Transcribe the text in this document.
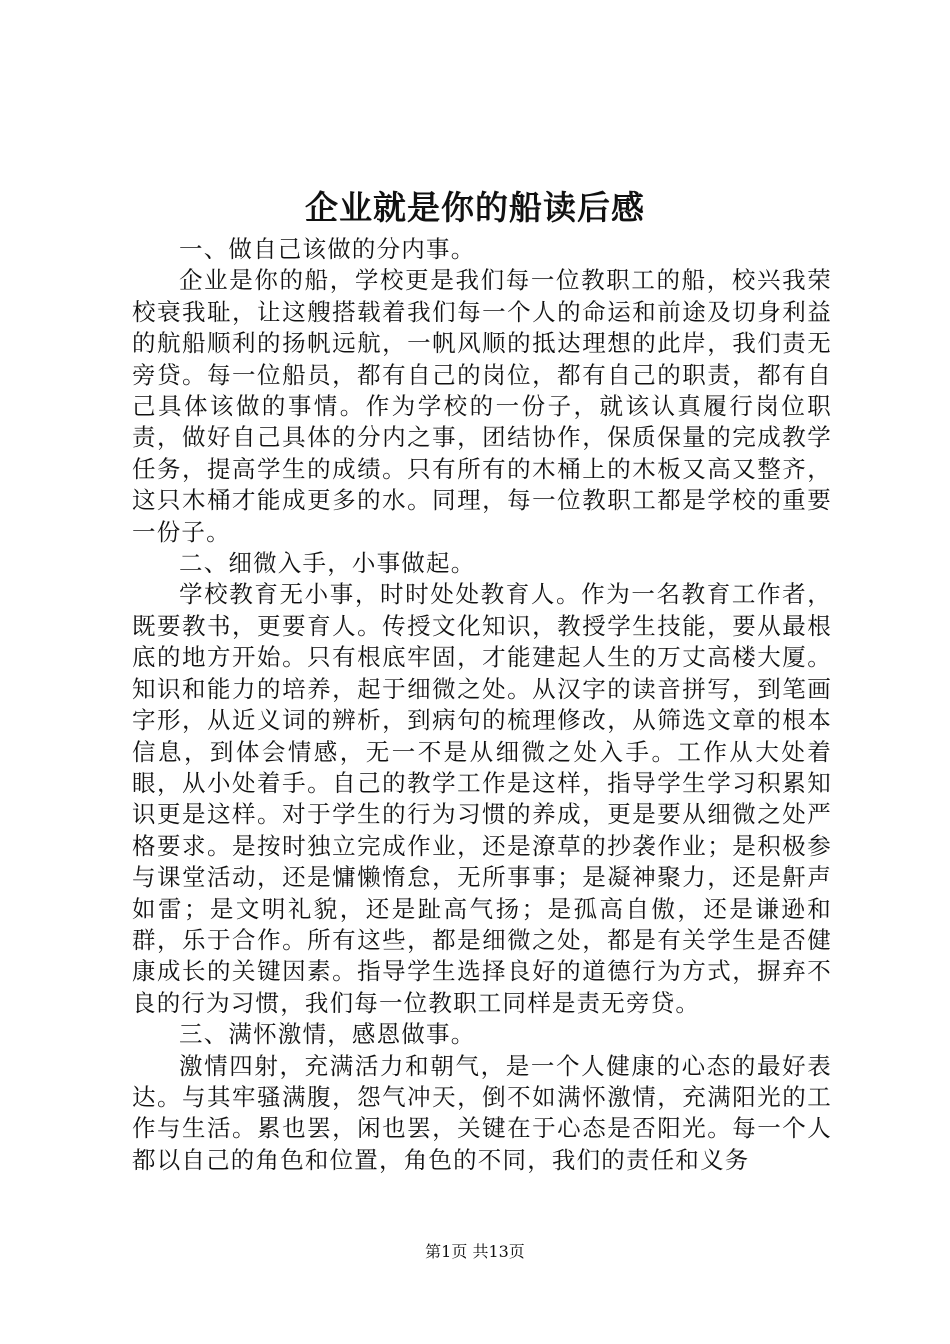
企业就是你的船读后感

一、做自己该做的分内事。

企业是你的船，学校更是我们每一位教职工的船，校兴我荣校衰我耻，让这艘搭载着我们每一个人的命运和前途及切身利益的航船顺利的扬帆远航，一帆风顺的抵达理想的此岸，我们责无旁贷。每一位船员，都有自己的岗位，都有自己的职责，都有自己具体该做的事情。作为学校的一份子，就该认真履行岗位职责，做好自己具体的分内之事，团结协作，保质保量的完成教学任务，提高学生的成绩。只有所有的木桶上的木板又高又整齐，这只木桶才能成更多的水。同理，每一位教职工都是学校的重要一份子。

二、细微入手，小事做起。

学校教育无小事，时时处处教育人。作为一名教育工作者，既要教书，更要育人。传授文化知识，教授学生技能，要从最根底的地方开始。只有根底牢固，才能建起人生的万丈高楼大厦。知识和能力的培养，起于细微之处。从汉字的读音拼写，到笔画字形，从近义词的辨析，到病句的梳理修改，从筛选文章的根本信息，到体会情感，无一不是从细微之处入手。工作从大处着眼，从小处着手。自己的教学工作是这样，指导学生学习积累知识更是这样。对于学生的行为习惯的养成，更是要从细微之处严格要求。是按时独立完成作业，还是潦草的抄袭作业；是积极参与课堂活动，还是慵懒惰怠，无所事事；是凝神聚力，还是鼾声如雷；是文明礼貌，还是趾高气扬；是孤高自傲，还是谦逊和群，乐于合作。所有这些，都是细微之处，都是有关学生是否健康成长的关键因素。指导学生选择良好的道德行为方式，摒弃不良的行为习惯，我们每一位教职工同样是责无旁贷。

三、满怀激情，感恩做事。

激情四射，充满活力和朝气，是一个人健康的心态的最好表达。与其牢骚满腹，怨气冲天，倒不如满怀激情，充满阳光的工作与生活。累也罢，闲也罢，关键在于心态是否阳光。每一个人都以自己的角色和位置，角色的不同，我们的责任和义务

第1页 共13页
